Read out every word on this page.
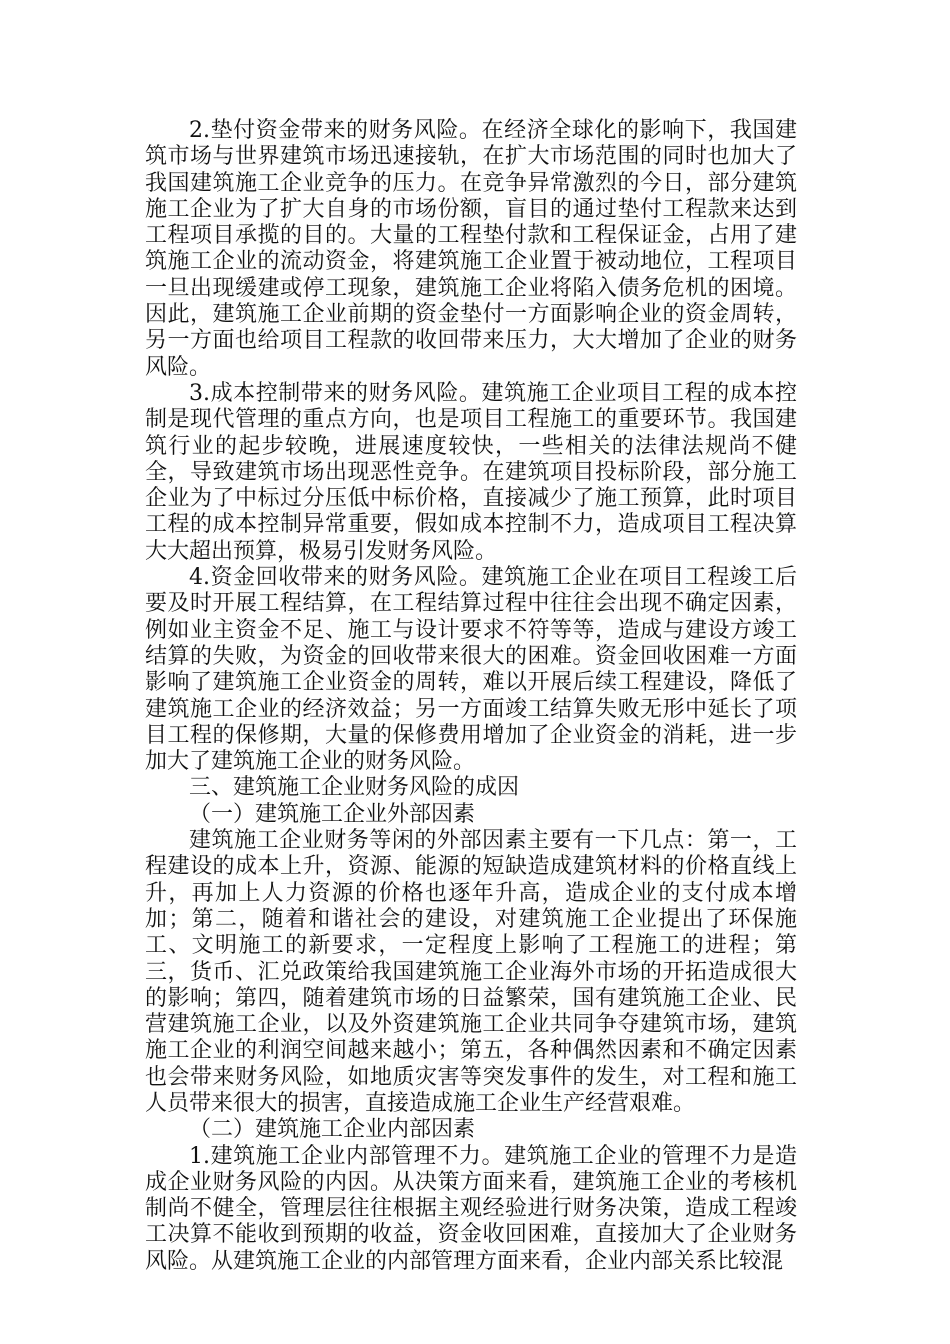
2.垫付资金带来的财务风险。在经济全球化的影响下，我国建筑市场与世界建筑市场迅速接轨，在扩大市场范围的同时也加大了我国建筑施工企业竞争的压力。在竞争异常激烈的今日，部分建筑施工企业为了扩大自身的市场份额，盲目的通过垫付工程款来达到工程项目承揽的目的。大量的工程垫付款和工程保证金，占用了建筑施工企业的流动资金，将建筑施工企业置于被动地位，工程项目一旦出现缓建或停工现象，建筑施工企业将陷入债务危机的困境。因此，建筑施工企业前期的资金垫付一方面影响企业的资金周转，另一方面也给项目工程款的收回带来压力，大大增加了企业的财务风险。

3.成本控制带来的财务风险。建筑施工企业项目工程的成本控制是现代管理的重点方向，也是项目工程施工的重要环节。我国建筑行业的起步较晚，进展速度较快，一些相关的法律法规尚不健全，导致建筑市场出现恶性竞争。在建筑项目投标阶段，部分施工企业为了中标过分压低中标价格，直接减少了施工预算，此时项目工程的成本控制异常重要，假如成本控制不力，造成项目工程决算大大超出预算，极易引发财务风险。

4.资金回收带来的财务风险。建筑施工企业在项目工程竣工后要及时开展工程结算，在工程结算过程中往往会出现不确定因素，例如业主资金不足、施工与设计要求不符等等，造成与建设方竣工结算的失败，为资金的回收带来很大的困难。资金回收困难一方面影响了建筑施工企业资金的周转，难以开展后续工程建设，降低了建筑施工企业的经济效益；另一方面竣工结算失败无形中延长了项目工程的保修期，大量的保修费用增加了企业资金的消耗，进一步加大了建筑施工企业的财务风险。

三、建筑施工企业财务风险的成因

（一）建筑施工企业外部因素

建筑施工企业财务等闲的外部因素主要有一下几点：第一，工程建设的成本上升，资源、能源的短缺造成建筑材料的价格直线上升，再加上人力资源的价格也逐年升高，造成企业的支付成本增加；第二，随着和谐社会的建设，对建筑施工企业提出了环保施工、文明施工的新要求，一定程度上影响了工程施工的进程；第三，货币、汇兑政策给我国建筑施工企业海外市场的开拓造成很大的影响；第四，随着建筑市场的日益繁荣，国有建筑施工企业、民营建筑施工企业，以及外资建筑施工企业共同争夺建筑市场，建筑施工企业的利润空间越来越小；第五，各种偶然因素和不确定因素也会带来财务风险，如地质灾害等突发事件的发生，对工程和施工人员带来很大的损害，直接造成施工企业生产经营艰难。

（二）建筑施工企业内部因素

1.建筑施工企业内部管理不力。建筑施工企业的管理不力是造成企业财务风险的内因。从决策方面来看，建筑施工企业的考核机制尚不健全，管理层往往根据主观经验进行财务决策，造成工程竣工决算不能收到预期的收益，资金收回困难，直接加大了企业财务风险。从建筑施工企业的内部管理方面来看，企业内部关系比较混
